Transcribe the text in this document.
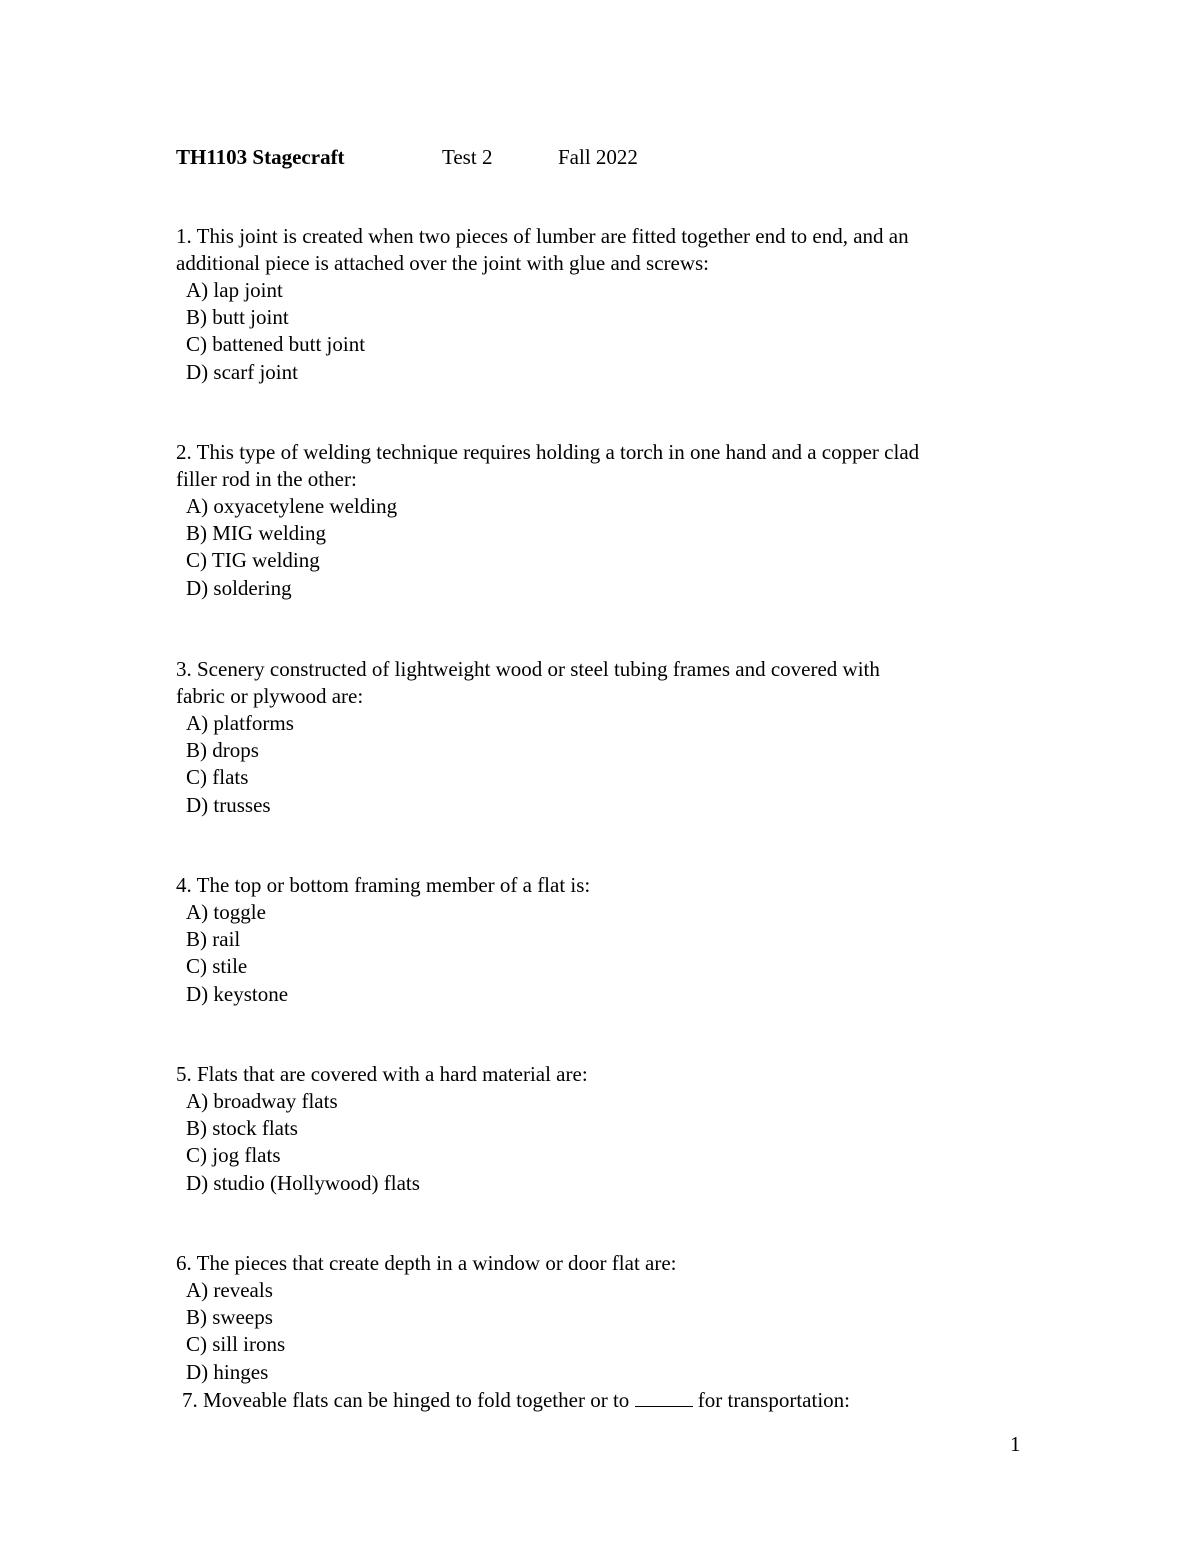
TH1103 Stagecraft	Test 2	Fall 2022

1. This joint is created when two pieces of lumber are fitted together end to end, and an
additional piece is attached over the joint with glue and screws:

A) lap joint
B) butt joint
C) battened butt joint
D) scarf joint

2. This type of welding technique requires holding a torch in one hand and a copper clad
filler rod in the other:

A) oxyacetylene welding
B) MIG welding
C) TIG welding
D) soldering

3. Scenery constructed of lightweight wood or steel tubing frames and covered with
fabric or plywood are:

A) platforms
B) drops
C) flats
D) trusses

4. The top or bottom framing member of a flat is:

A) toggle
B) rail
C) stile
D) keystone

5. Flats that are covered with a hard material are:

A) broadway flats
B) stock flats
C) jog flats
D) studio (Hollywood) flats

6. The pieces that create depth in a window or door flat are:

A) reveals
B) sweeps
C) sill irons
D) hinges
7. Moveable flats can be hinged to fold together or to	for transportation:
1
